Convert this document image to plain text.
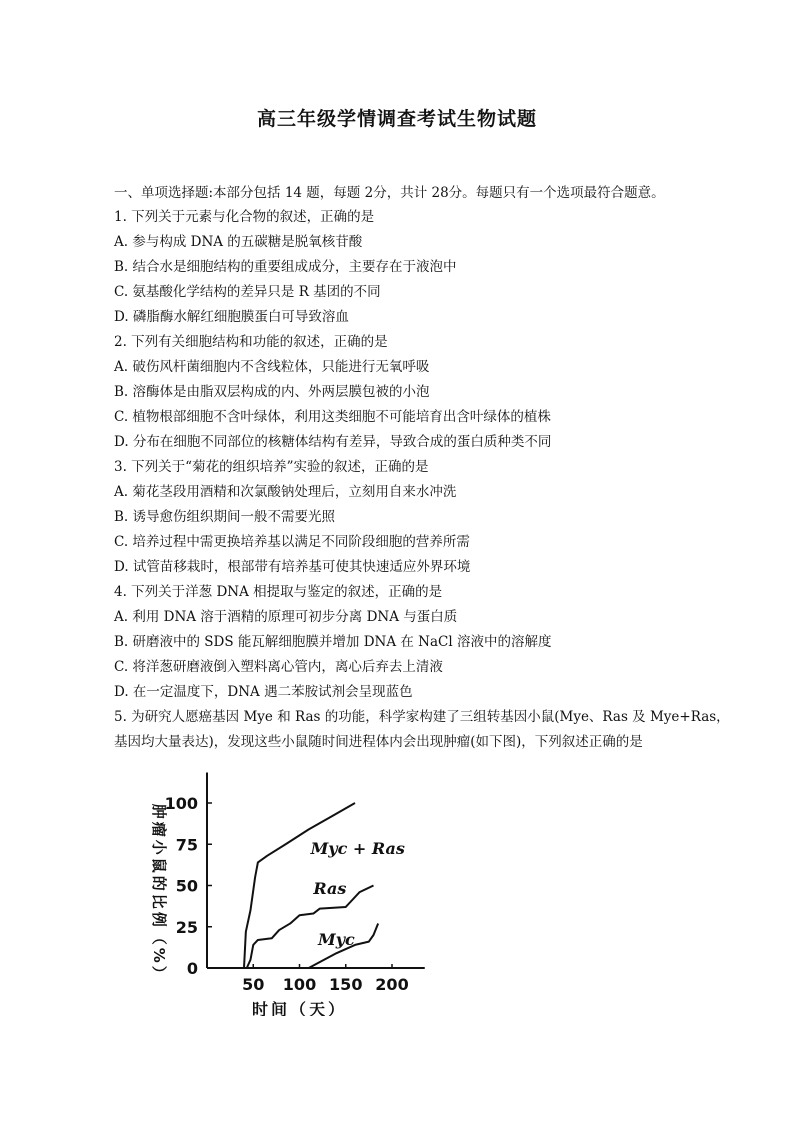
高三年级学情调查考试生物试题
一、单项选择题:本部分包括 14 题，每题 2分，共计 28分。每题只有一个选项最符合题意。
1. 下列关于元素与化合物的叙述，正确的是
A. 参与构成 DNA 的五碳糖是脱氧核苷酸
B. 结合水是细胞结构的重要组成成分，主要存在于液泡中
C. 氨基酸化学结构的差异只是 R 基团的不同
D. 磷脂酶水解红细胞膜蛋白可导致溶血
2. 下列有关细胞结构和功能的叙述，正确的是
A. 破伤风杆菌细胞内不含线粒体，只能进行无氧呼吸
B. 溶酶体是由脂双层构成的内、外两层膜包被的小泡
C. 植物根部细胞不含叶绿体，利用这类细胞不可能培育出含叶绿体的植株
D. 分布在细胞不同部位的核糖体结构有差异，导致合成的蛋白质种类不同
3. 下列关于“菊花的组织培养”实验的叙述，正确的是
A. 菊花茎段用酒精和次氯酸钠处理后，立刻用自来水冲洗
B. 诱导愈伤组织期间一般不需要光照
C. 培养过程中需更换培养基以满足不同阶段细胞的营养所需
D. 试管苗移栽时，根部带有培养基可使其快速适应外界环境
4. 下列关于洋葱 DNA 相提取与鉴定的叙述，正确的是
A. 利用 DNA 溶于酒精的原理可初步分离 DNA 与蛋白质
B. 研磨液中的 SDS 能瓦解细胞膜并增加 DNA 在 NaCl 溶液中的溶解度
C. 将洋葱研磨液倒入塑料离心管内，离心后弃去上清液
D. 在一定温度下，DNA 遇二苯胺试剂会呈现蓝色
5. 为研究人愿癌基因 Mye 和 Ras 的功能，科学家构建了三组转基因小鼠(Mye、Ras 及 Mye+Ras，
基因均大量表达)，发现这些小鼠随时间进程体内会出现肿瘤(如下图)，下列叙述正确的是
0
25
50
75
100
50 100 150 200
肿瘤小鼠的比例（%）
时间（天）
Myc + Ras
Ras
Myc
